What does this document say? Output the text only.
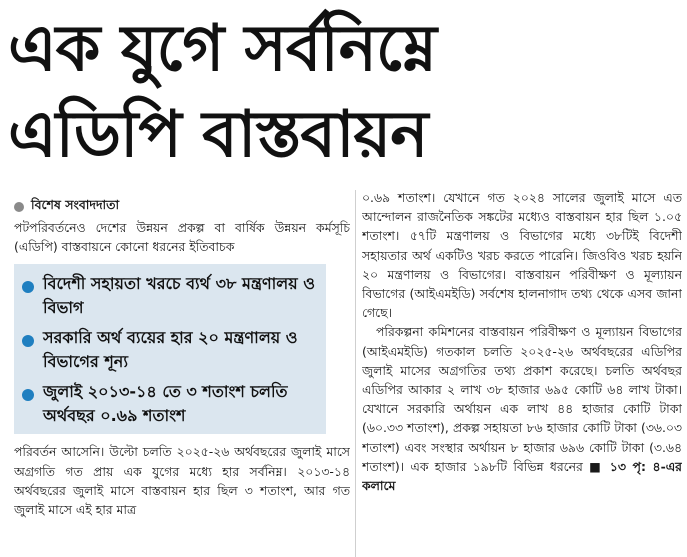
এক যুগে সর্বনিম্নে
এডিপি বাস্তবায়ন
বিশেষ সংবাদদাতা

পটপরিবর্তনেও দেশের উন্নয়ন প্রকল্প বা বার্ষিক উন্নয়ন কর্মসূচি (এডিপি) বাস্তবায়নে কোনো ধরনের ইতিবাচক

বিদেশী সহায়তা খরচে ব্যর্থ ৩৮ মন্ত্রণালয় ও বিভাগ
সরকারি অর্থ ব্যয়ের হার ২০ মন্ত্রণালয় ও বিভাগের শূন্য
জুলাই ২০১৩-১৪ তে ৩ শতাংশ চলতি অর্থবছর ০.৬৯ শতাংশ

পরিবর্তন আসেনি। উল্টো চলতি ২০২৫-২৬ অর্থবছরের জুলাই মাসে অগ্রগতি গত প্রায় এক যুগের মধ্যে হার সর্বনিম্ন। ২০১৩-১৪ অর্থবছরের জুলাই মাসে বাস্তবায়ন হার ছিল ৩ শতাংশ, আর গত জুলাই মাসে এই হার মাত্র

০.৬৯ শতাংশ। যেখানে গত ২০২৪ সালের জুলাই মাসে এত আন্দোলন রাজনৈতিক সঙ্কটের মধ্যেও বাস্তবায়ন হার ছিল ১.০৫ শতাংশ। ৫৭টি মন্ত্রণালয় ও বিভাগের মধ্যে ৩৮টিই বিদেশী সহায়তার অর্থ একটিও খরচ করতে পারেনি। জিওবিও খরচ হয়নি ২০ মন্ত্রণালয় ও বিভাগের। বাস্তবায়ন পরিবীক্ষণ ও মূল্যায়ন বিভাগের (আইএমইডি) সর্বশেষ হালনাগাদ তথ্য থেকে এসব জানা গেছে।

পরিকল্পনা কমিশনের বাস্তবায়ন পরিবীক্ষণ ও মূল্যায়ন বিভাগের (আইএমইডি) গতকাল চলতি ২০২৫-২৬ অর্থবছরের এডিপির জুলাই মাসের অগ্রগতির তথ্য প্রকাশ করেছে। চলতি অর্থবছর এডিপির আকার ২ লাখ ৩৮ হাজার ৬৯৫ কোটি ৬৪ লাখ টাকা। যেখানে সরকারি অর্থায়ন এক লাখ ৪৪ হাজার কোটি টাকা (৬০.৩৩ শতাংশ), প্রকল্প সহায়তা ৮৬ হাজার কোটি টাকা (৩৬.০৩ শতাংশ) এবং সংস্থার অর্থায়ন ৮ হাজার ৬৯৬ কোটি টাকা (৩.৬৪ শতাংশ)। এক হাজার ১৯৮টি বিভিন্ন ধরনের ■ ১৩ পৃ: ৪-এর কলামে
